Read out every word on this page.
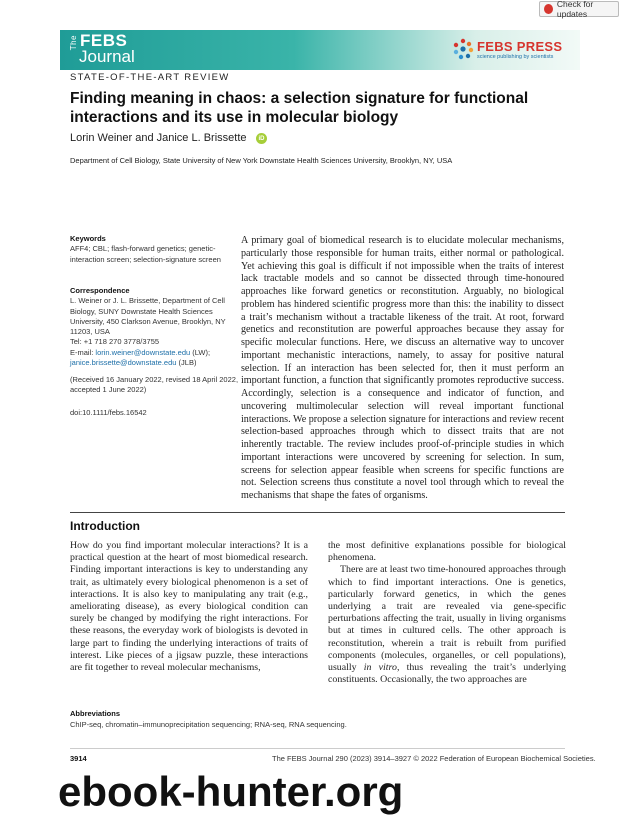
Check for updates
The FEBS
Journal
FEBS PRESS
science publishing by scientists
STATE-OF-THE-ART REVIEW
Finding meaning in chaos: a selection signature for functional interactions and its use in molecular biology
Lorin Weiner and Janice L. Brissette	iD
Department of Cell Biology, State University of New York Downstate Health Sciences University, Brooklyn, NY, USA
Keywords
AFF4; CBL; flash-forward genetics; genetic-interaction screen; selection-signature screen
Correspondence
L. Weiner or J. L. Brissette, Department of Cell Biology, SUNY Downstate Health Sciences University, 450 Clarkson Avenue, Brooklyn, NY 11203, USA
Tel: +1 718 270 3778/3755
E-mail: lorin.weiner@downstate.edu (LW);
janice.brissette@downstate.edu (JLB)
(Received 16 January 2022, revised 18 April 2022, accepted 1 June 2022)
doi:10.1111/febs.16542
A primary goal of biomedical research is to elucidate molecular mechanisms, particularly those responsible for human traits, either normal or pathological. Yet achieving this goal is difficult if not impossible when the traits of interest lack tractable models and so cannot be dissected through time-honoured approaches like forward genetics or reconstitution. Arguably, no biological problem has hindered scientific progress more than this: the inability to dissect a trait’s mechanism without a tractable likeness of the trait. At root, forward genetics and reconstitution are powerful approaches because they assay for specific molecular functions. Here, we discuss an alternative way to uncover important mechanistic interactions, namely, to assay for positive natural selection. If an interaction has been selected for, then it must perform an important function, a function that significantly promotes reproductive success. Accordingly, selection is a consequence and indicator of function, and uncovering multimolecular selection will reveal important functional interactions. We propose a selection signature for interactions and review recent selection-based approaches through which to dissect traits that are not inherently tractable. The review includes proof-of-principle studies in which important interactions were uncovered by screening for selection. In sum, screens for selection appear feasible when screens for specific functions are not. Selection screens thus constitute a novel tool through which to reveal the mechanisms that shape the fates of organisms.
Introduction

How do you find important molecular interactions? It is a practical question at the heart of most biomedical research. Finding important interactions is key to understanding any trait, as ultimately every biological phenomenon is a set of interactions. It is also key to manipulating any trait (e.g., ameliorating disease), as every biological condition can surely be changed by modifying the right interactions. For these reasons, the everyday work of biologists is devoted in large part to finding the underlying interactions of traits of interest. Like pieces of a jigsaw puzzle, these interactions are fit together to reveal molecular mechanisms,

the most definitive explanations possible for biological phenomena.

There are at least two time-honoured approaches through which to find important interactions. One is genetics, particularly forward genetics, in which the genes underlying a trait are revealed via gene-specific perturbations affecting the trait, usually in living organisms but at times in cultured cells. The other approach is reconstitution, wherein a trait is rebuilt from purified components (molecules, organelles, or cell populations), usually in vitro, thus revealing the trait’s underlying constituents. Occasionally, the two approaches are

Abbreviations
ChIP-seq, chromatin–immunoprecipitation sequencing; RNA-seq, RNA sequencing.
3914	The FEBS Journal 290 (2023) 3914–3927 © 2022 Federation of European Biochemical Societies.
ebook-hunter.org
